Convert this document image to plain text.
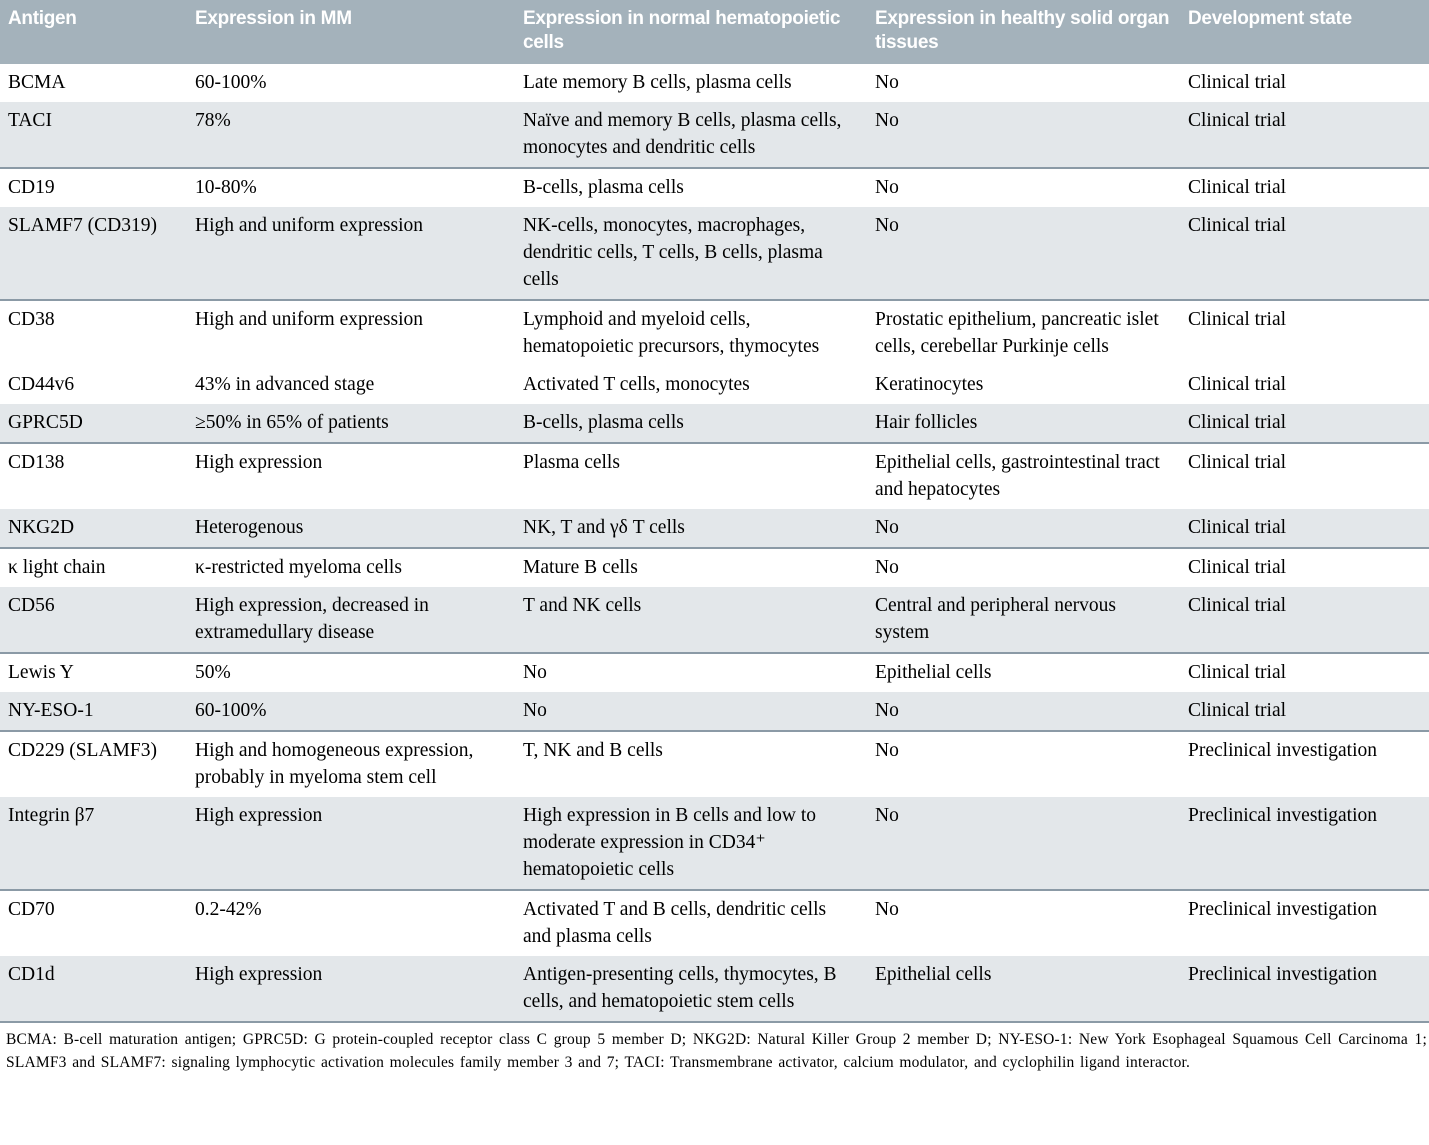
Antigen	Expression in MM	Expression in normal hematopoietic cells	Expression in healthy solid organ tissues	Development state
BCMA	60-100%	Late memory B cells, plasma cells	No	Clinical trial
TACI	78%	Naïve and memory B cells, plasma cells, monocytes and dendritic cells	No	Clinical trial
CD19	10-80%	B-cells, plasma cells	No	Clinical trial
SLAMF7 (CD319)	High and uniform expression	NK-cells, monocytes, macrophages, dendritic cells, T cells, B cells, plasma cells	No	Clinical trial
CD38	High and uniform expression	Lymphoid and myeloid cells, hematopoietic precursors, thymocytes	Prostatic epithelium, pancreatic islet cells, cerebellar Purkinje cells	Clinical trial
CD44v6	43% in advanced stage	Activated T cells, monocytes	Keratinocytes	Clinical trial
GPRC5D	≥50% in 65% of patients	B-cells, plasma cells	Hair follicles	Clinical trial
CD138	High expression	Plasma cells	Epithelial cells, gastrointestinal tract and hepatocytes	Clinical trial
NKG2D	Heterogenous	NK, T and γδ T cells	No	Clinical trial
κ light chain	κ-restricted myeloma cells	Mature B cells	No	Clinical trial
CD56	High expression, decreased in extramedullary disease	T and NK cells	Central and peripheral nervous system	Clinical trial
Lewis Y	50%	No	Epithelial cells	Clinical trial
NY-ESO-1	60-100%	No	No	Clinical trial
CD229 (SLAMF3)	High and homogeneous expression, probably in myeloma stem cell	T, NK and B cells	No	Preclinical investigation
Integrin β7	High expression	High expression in B cells and low to moderate expression in CD34⁺ hematopoietic cells	No	Preclinical investigation
CD70	0.2-42%	Activated T and B cells, dendritic cells and plasma cells	No	Preclinical investigation
CD1d	High expression	Antigen-presenting cells, thymocytes, B cells, and hematopoietic stem cells	Epithelial cells	Preclinical investigation
BCMA: B-cell maturation antigen; GPRC5D: G protein-coupled receptor class C group 5 member D; NKG2D: Natural Killer Group 2 member D; NY-ESO-1: New York Esophageal Squamous Cell Carcinoma 1; SLAMF3 and SLAMF7: signaling lymphocytic activation molecules family member 3 and 7; TACI: Transmembrane activator, calcium modulator, and cyclophilin ligand interactor.
